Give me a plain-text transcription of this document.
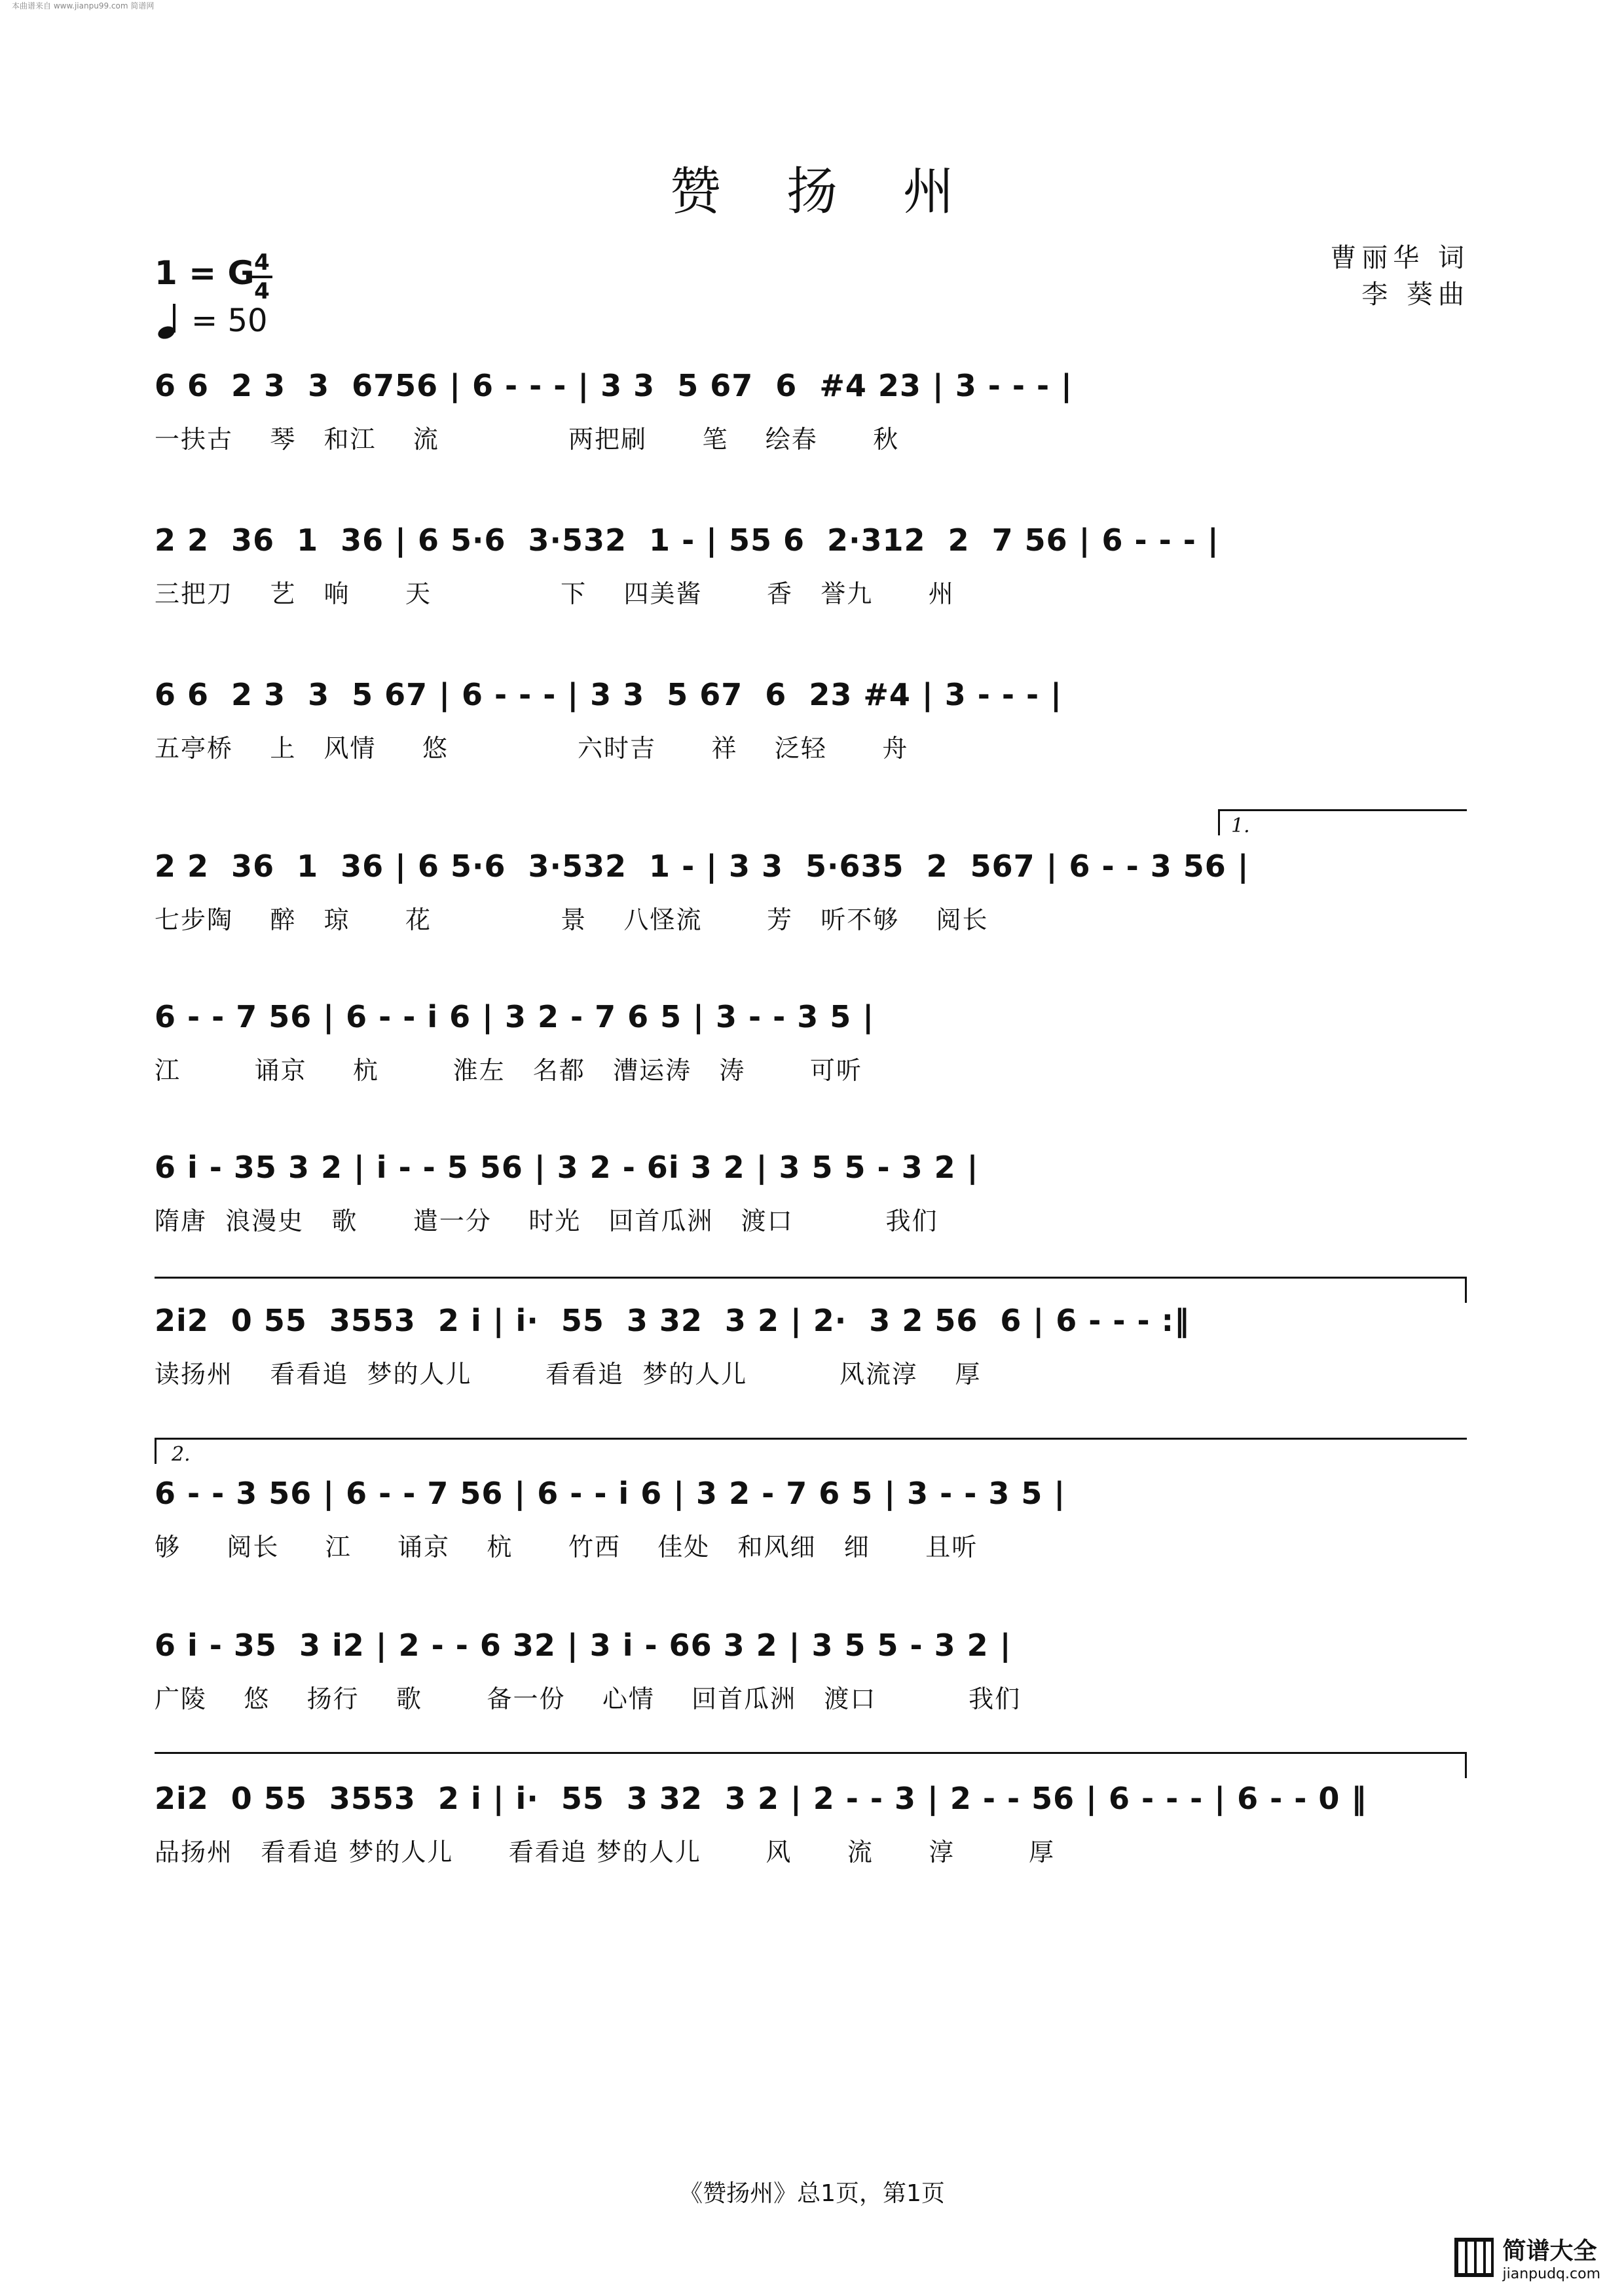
本曲谱来自 www.jianpu99.com 简谱网
赞扬州
1 = G 4
4
= 50
曹丽华 词
李 葵曲
6 6  2 3  3  6756 | 6 - - - | 3 3  5 67  6  #4 23 | 3 - - - |
一扶古    琴   和江    流              两把刷      笔    绘春      秋
2 2  36  1  36 | 6 5·6  3·532  1 - | 55 6  2·312  2  7 56 | 6 - - - |
三把刀    艺   响      天              下    四美酱       香   誉九      州
6 6  2 3  3  5 67 | 6 - - - | 3 3  5 67  6  23 #4 | 3 - - - |
五亭桥    上   风情     悠              六时吉      祥    泛轻      舟
1.
2 2  36  1  36 | 6 5·6  3·532  1 - | 3 3  5·635  2  567 | 6 - - 3 56 |
七步陶    醉   琼      花              景    八怪流       芳   听不够    阅长
6 - - 7 56 | 6 - - i 6 | 3 2 - 7 6 5 | 3 - - 3 5 |
江        诵京     杭        淮左   名都   漕运涛   涛       可听
6 i - 35 3 2 | i - - 5 56 | 3 2 - 6i 3 2 | 3 5 5 - 3 2 |
隋唐  浪漫史   歌      遣一分    时光   回首瓜洲   渡口          我们
2i2  0 55  3553  2 i | i·  55  3 32  3 2 | 2·  3 2 56  6 | 6 - - - :‖
读扬州    看看追  梦的人儿        看看追  梦的人儿          风流淳    厚
2.
6 - - 3 56 | 6 - - 7 56 | 6 - - i 6 | 3 2 - 7 6 5 | 3 - - 3 5 |
够     阅长     江     诵京    杭      竹西    佳处   和风细   细      且听
6 i - 35  3 i2 | 2 - - 6 32 | 3 i - 66 3 2 | 3 5 5 - 3 2 |
广陵    悠    扬行    歌       备一份    心情    回首瓜洲   渡口          我们
2i2  0 55  3553  2 i | i·  55  3 32  3 2 | 2 - - 3 | 2 - - 56 | 6 - - - | 6 - - 0 ‖
品扬州   看看追 梦的人儿      看看追 梦的人儿       风      流      淳        厚
《赞扬州》总1页，第1页
简谱大全
jianpudq.com
